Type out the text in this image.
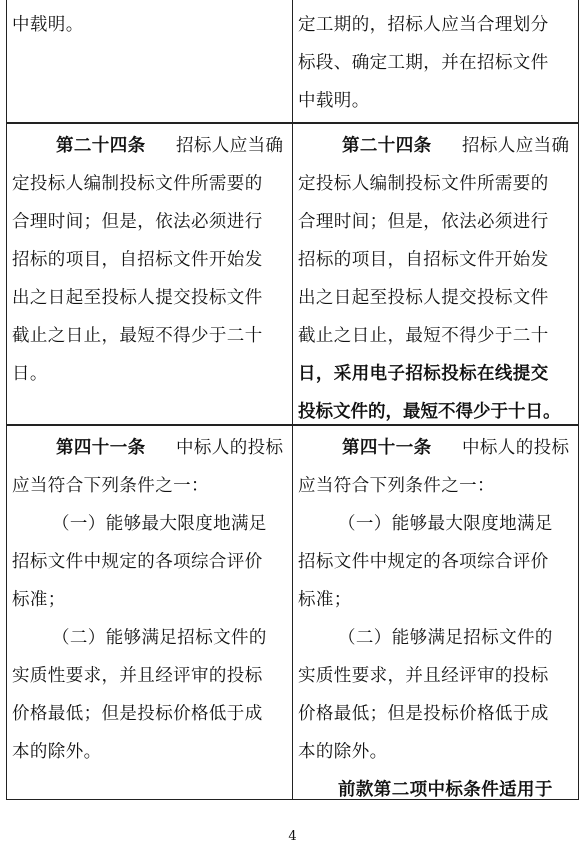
中载明。	定工期的，招标人应当合理划分
标段、确定工期，并在招标文件
中载明。
第二十四条 招标人应当确
定投标人编制投标文件所需要的
合理时间；但是，依法必须进行
招标的项目，自招标文件开始发
出之日起至投标人提交投标文件
截止之日止，最短不得少于二十
日。
第二十四条 招标人应当确
定投标人编制投标文件所需要的
合理时间；但是，依法必须进行
招标的项目，自招标文件开始发
出之日起至投标人提交投标文件
截止之日止，最短不得少于二十
日，采用电子招标投标在线提交
投标文件的，最短不得少于十日。
第四十一条 中标人的投标
应当符合下列条件之一：
（一）能够最大限度地满足
招标文件中规定的各项综合评价
标准；
（二）能够满足招标文件的
实质性要求，并且经评审的投标
价格最低；但是投标价格低于成
本的除外。
第四十一条 中标人的投标
应当符合下列条件之一：
（一）能够最大限度地满足
招标文件中规定的各项综合评价
标准；
（二）能够满足招标文件的
实质性要求，并且经评审的投标
价格最低；但是投标价格低于成
本的除外。
前款第二项中标条件适用于
4
